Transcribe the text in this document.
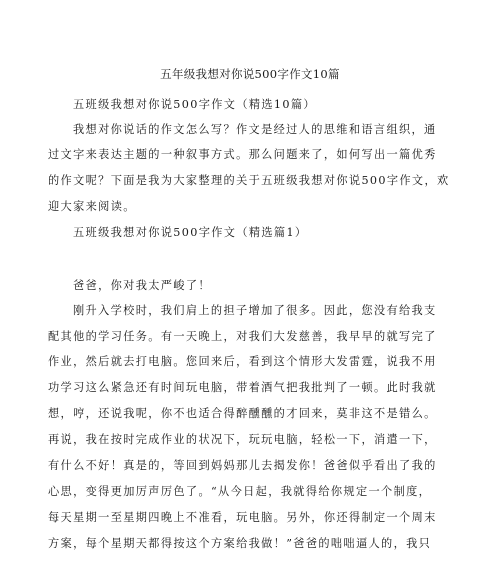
五年级我想对你说500字作文10篇
五班级我想对你说500字作文（精选10篇）
我想对你说话的作文怎么写？作文是经过人的思维和语言组织，通
过文字来表达主题的一种叙事方式。那么问题来了，如何写出一篇优秀
的作文呢？下面是我为大家整理的关于五班级我想对你说500字作文，欢
迎大家来阅读。
五班级我想对你说500字作文（精选篇1）
爸爸，你对我太严峻了！
刚升入学校时，我们肩上的担子增加了很多。因此，您没有给我支
配其他的学习任务。有一天晚上，对我们大发慈善，我早早的就写完了
作业，然后就去打电脑。您回来后，看到这个情形大发雷霆，说我不用
功学习这么紧急还有时间玩电脑，带着酒气把我批判了一顿。此时我就
想，哼，还说我呢，你不也适合得醉醺醺的才回来，莫非这不是错么。
再说，我在按时完成作业的状况下，玩玩电脑，轻松一下，消遣一下，
有什么不好！真是的，等回到妈妈那儿去揭发你！爸爸似乎看出了我的
心思，变得更加厉声厉色了。“从今日起，我就得给你规定一个制度，
每天星期一至星期四晚上不准看，玩电脑。另外，你还得制定一个周末
方案，每个星期天都得按这个方案给我做！”爸爸的咄咄逼人的，我只
